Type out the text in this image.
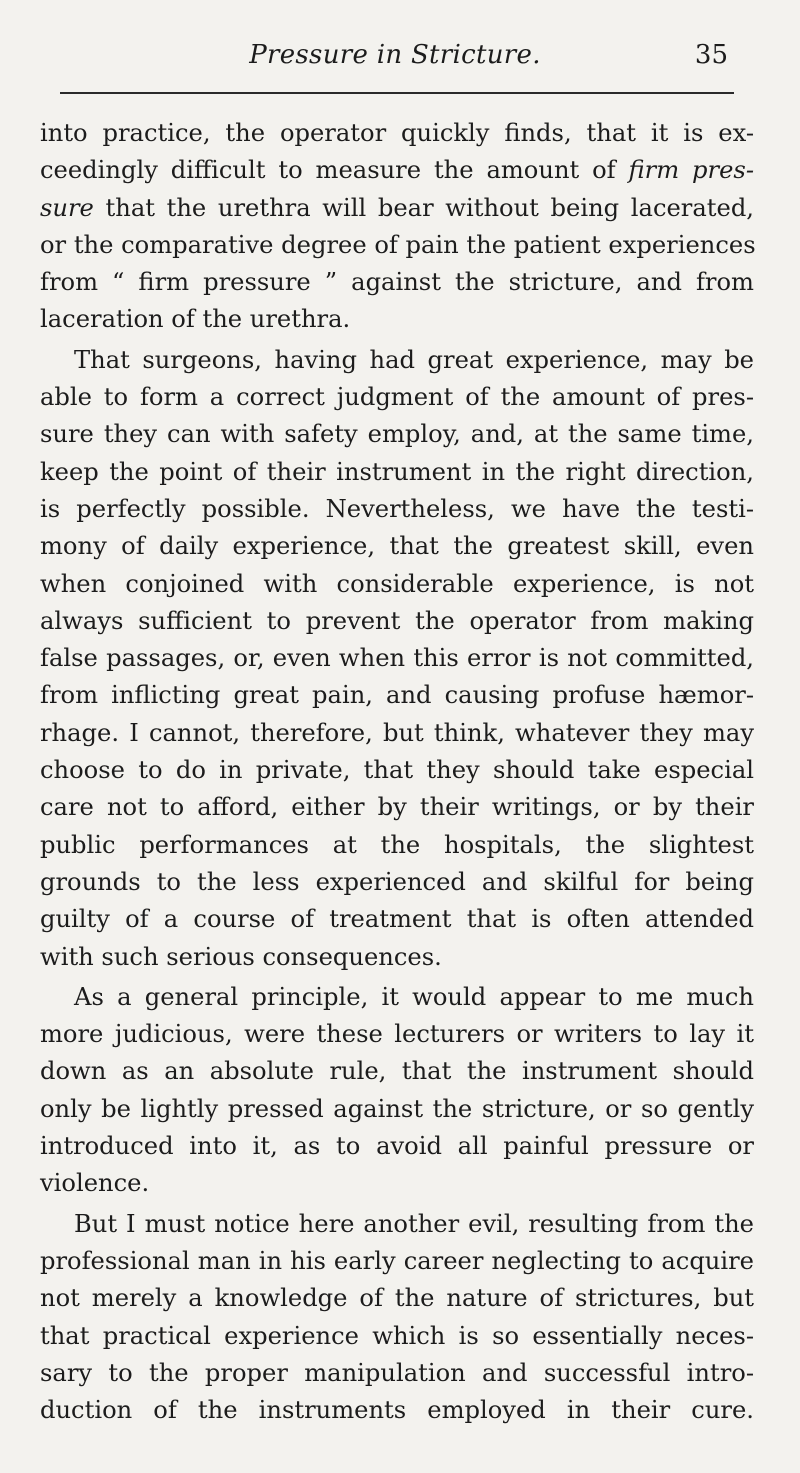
Pressure in Stricture.	35
into practice, the operator quickly finds, that it is ex-
ceedingly difficult to measure the amount of firm pres-
sure that the urethra will bear without being lacerated,
or the comparative degree of pain the patient experiences
from “ firm pressure ” against the stricture, and from
laceration of the urethra.
That surgeons, having had great experience, may be
able to form a correct judgment of the amount of pres-
sure they can with safety employ, and, at the same time,
keep the point of their instrument in the right direction,
is perfectly possible. Nevertheless, we have the testi-
mony of daily experience, that the greatest skill, even
when conjoined with considerable experience, is not
always sufficient to prevent the operator from making
false passages, or, even when this error is not committed,
from inflicting great pain, and causing profuse hæmor-
rhage. I cannot, therefore, but think, whatever they may
choose to do in private, that they should take especial
care not to afford, either by their writings, or by their
public performances at the hospitals, the slightest
grounds to the less experienced and skilful for being
guilty of a course of treatment that is often attended
with such serious consequences.
As a general principle, it would appear to me much
more judicious, were these lecturers or writers to lay it
down as an absolute rule, that the instrument should
only be lightly pressed against the stricture, or so gently
introduced into it, as to avoid all painful pressure or
violence.
But I must notice here another evil, resulting from the
professional man in his early career neglecting to acquire
not merely a knowledge of the nature of strictures, but
that practical experience which is so essentially neces-
sary to the proper manipulation and successful intro-
duction of the instruments employed in their cure.
